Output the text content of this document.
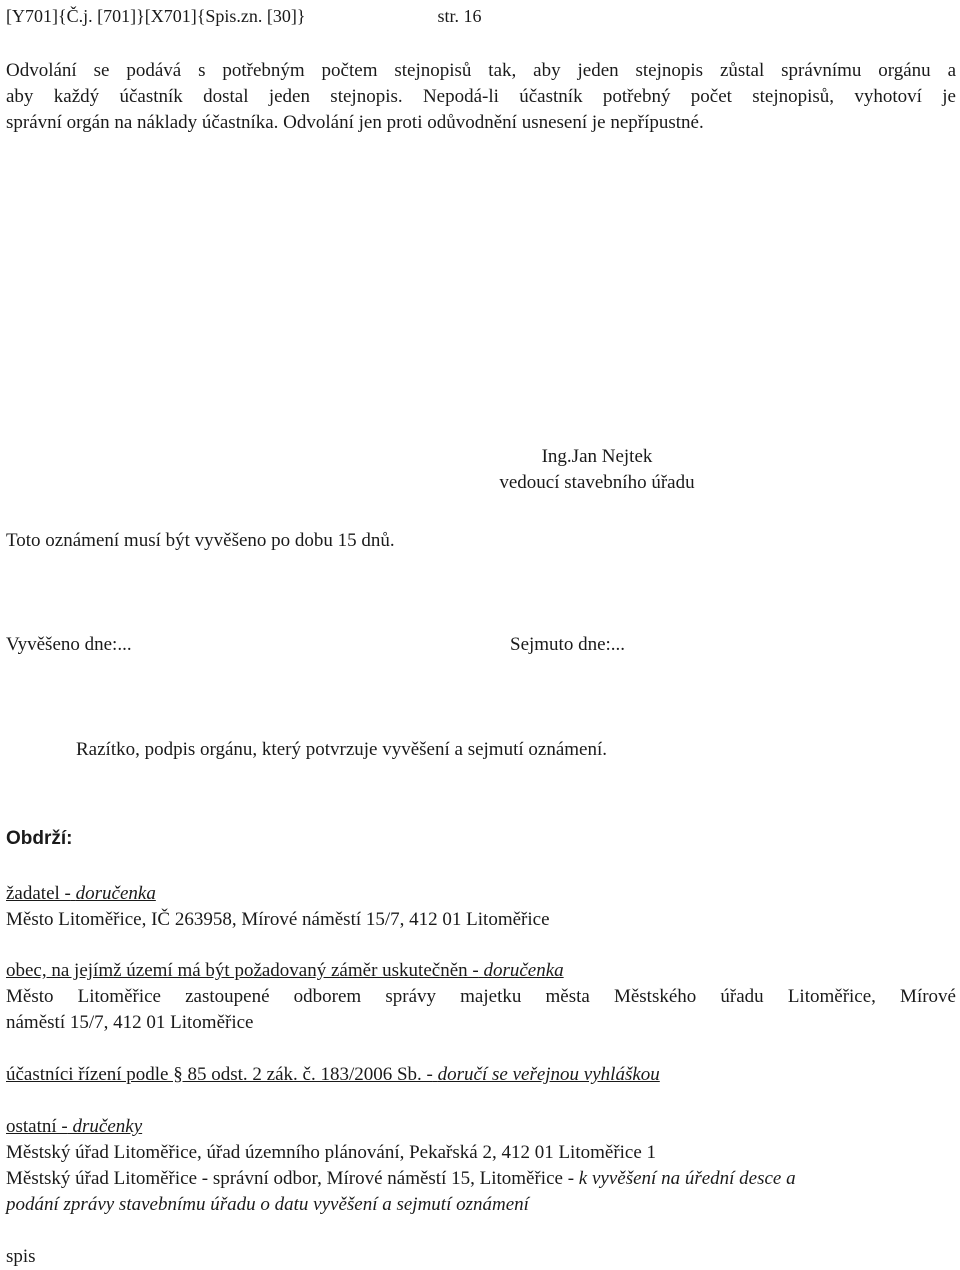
[Y701]{Č.j. [701]}[X701]{Spis.zn. [30]}	str. 16
Odvolání se podává s potřebným počtem stejnopisů tak, aby jeden stejnopis zůstal správnímu orgánu a
aby každý účastník dostal jeden stejnopis. Nepodá-li účastník potřebný počet stejnopisů, vyhotoví je
správní orgán na náklady účastníka. Odvolání jen proti odůvodnění usnesení je nepřípustné.
Ing.Jan Nejtek
vedoucí stavebního úřadu
Toto oznámení musí být vyvěšeno po dobu 15 dnů.
Vyvěšeno dne:...	Sejmuto dne:...
Razítko, podpis orgánu, který potvrzuje vyvěšení a sejmutí oznámení.
Obdrží:
žadatel - doručenka
Město Litoměřice, IČ 263958, Mírové náměstí 15/7, 412 01 Litoměřice
obec, na jejímž území má být požadovaný záměr uskutečněn - doručenka
Město Litoměřice zastoupené odborem správy majetku města Městského úřadu Litoměřice, Mírové
náměstí 15/7, 412 01 Litoměřice
účastníci řízení podle § 85 odst. 2 zák. č. 183/2006 Sb. - doručí se veřejnou vyhláškou
ostatní - dručenky
Městský úřad Litoměřice, úřad územního plánování, Pekařská 2, 412 01 Litoměřice 1
Městský úřad Litoměřice - správní odbor, Mírové náměstí 15, Litoměřice - k vyvěšení na úřední desce a
podání zprávy stavebnímu úřadu o datu vyvěšení a sejmutí oznámení
spis
